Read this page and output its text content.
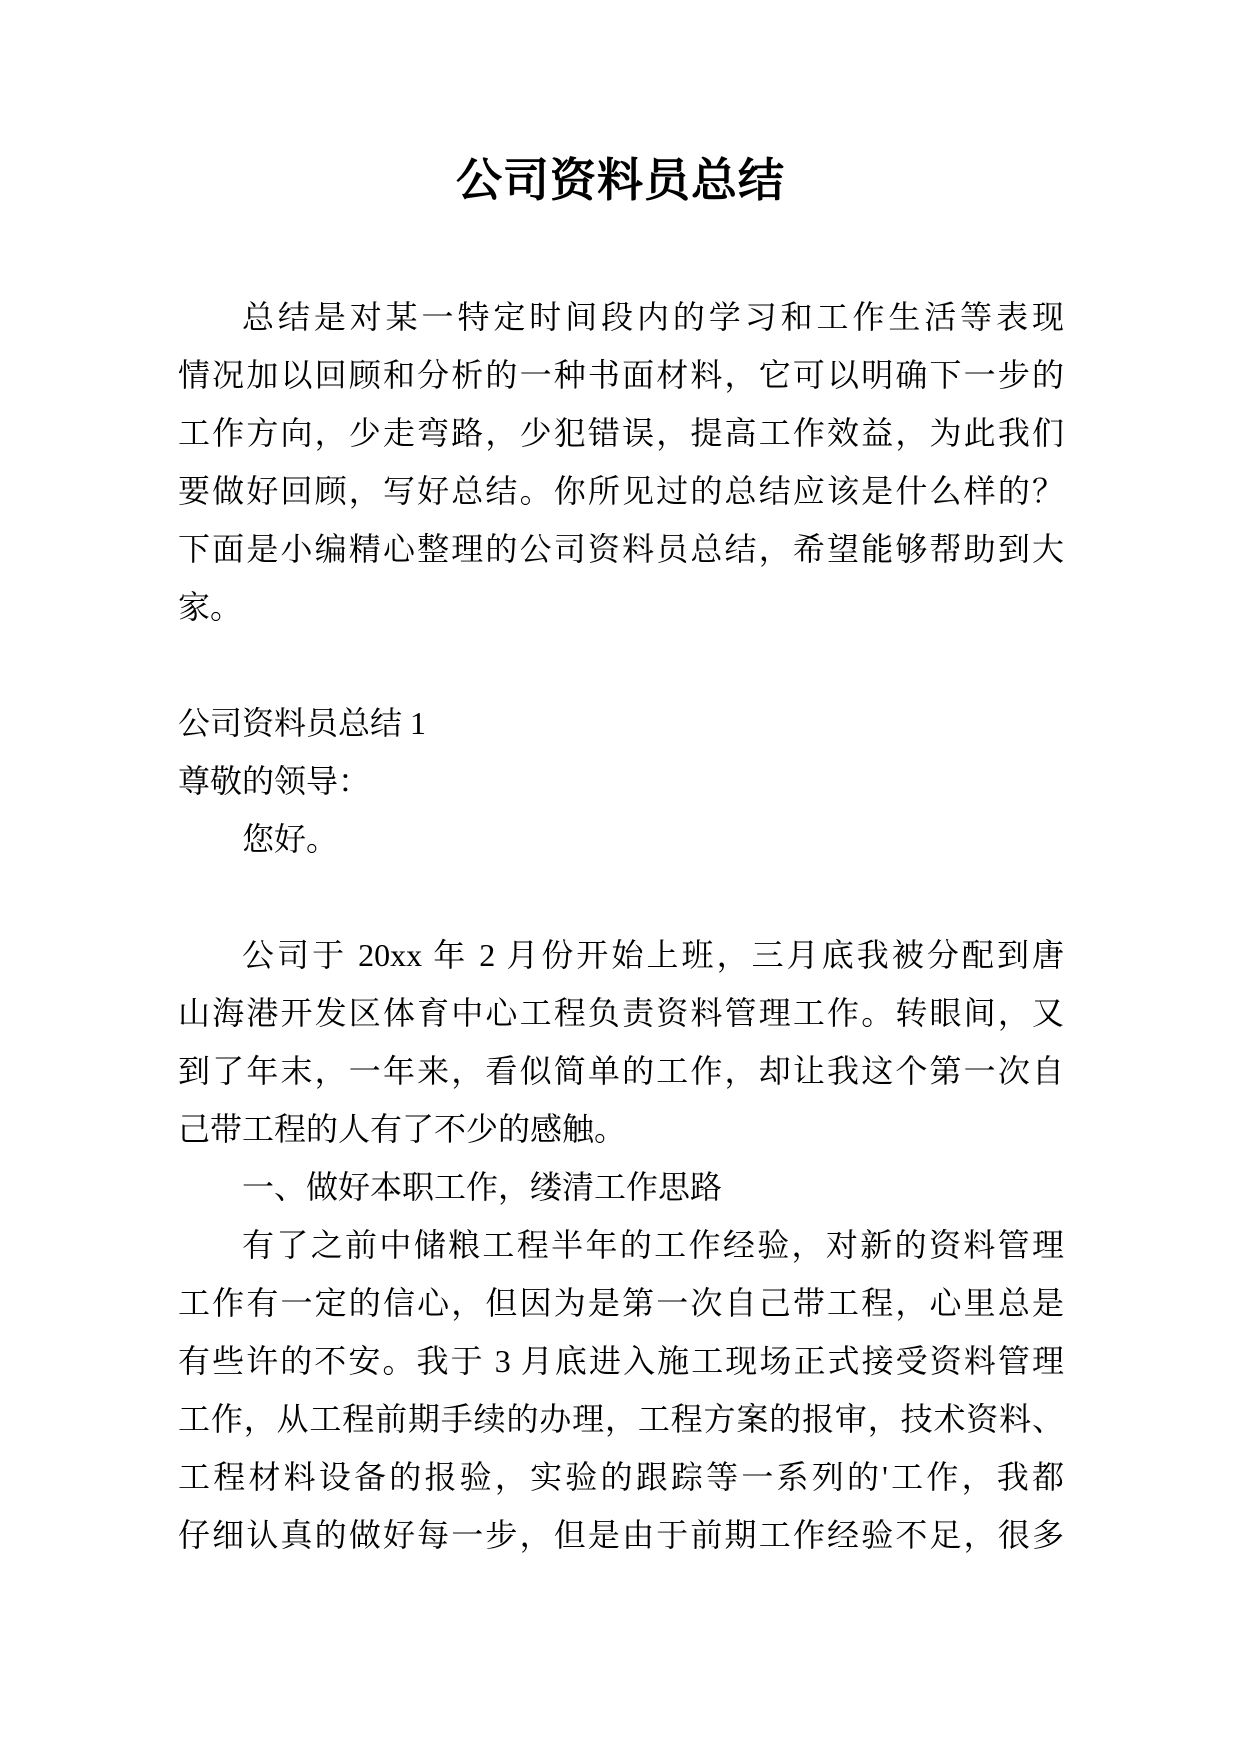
公司资料员总结
总结是对某一特定时间段内的学习和工作生活等表现
情况加以回顾和分析的一种书面材料，它可以明确下一步的
工作方向，少走弯路，少犯错误，提高工作效益，为此我们
要做好回顾，写好总结。你所见过的总结应该是什么样的？
下面是小编精心整理的公司资料员总结，希望能够帮助到大
家。
公司资料员总结 1
尊敬的领导：
您好。
公司于 20xx 年 2 月份开始上班，三月底我被分配到唐
山海港开发区体育中心工程负责资料管理工作。转眼间，又
到了年末，一年来，看似简单的工作，却让我这个第一次自
己带工程的人有了不少的感触。
一、做好本职工作，缕清工作思路
有了之前中储粮工程半年的工作经验，对新的资料管理
工作有一定的信心，但因为是第一次自己带工程，心里总是
有些许的不安。我于 3 月底进入施工现场正式接受资料管理
工作，从工程前期手续的办理，工程方案的报审，技术资料、
工程材料设备的报验，实验的跟踪等一系列的'工作，我都
仔细认真的做好每一步，但是由于前期工作经验不足，很多
